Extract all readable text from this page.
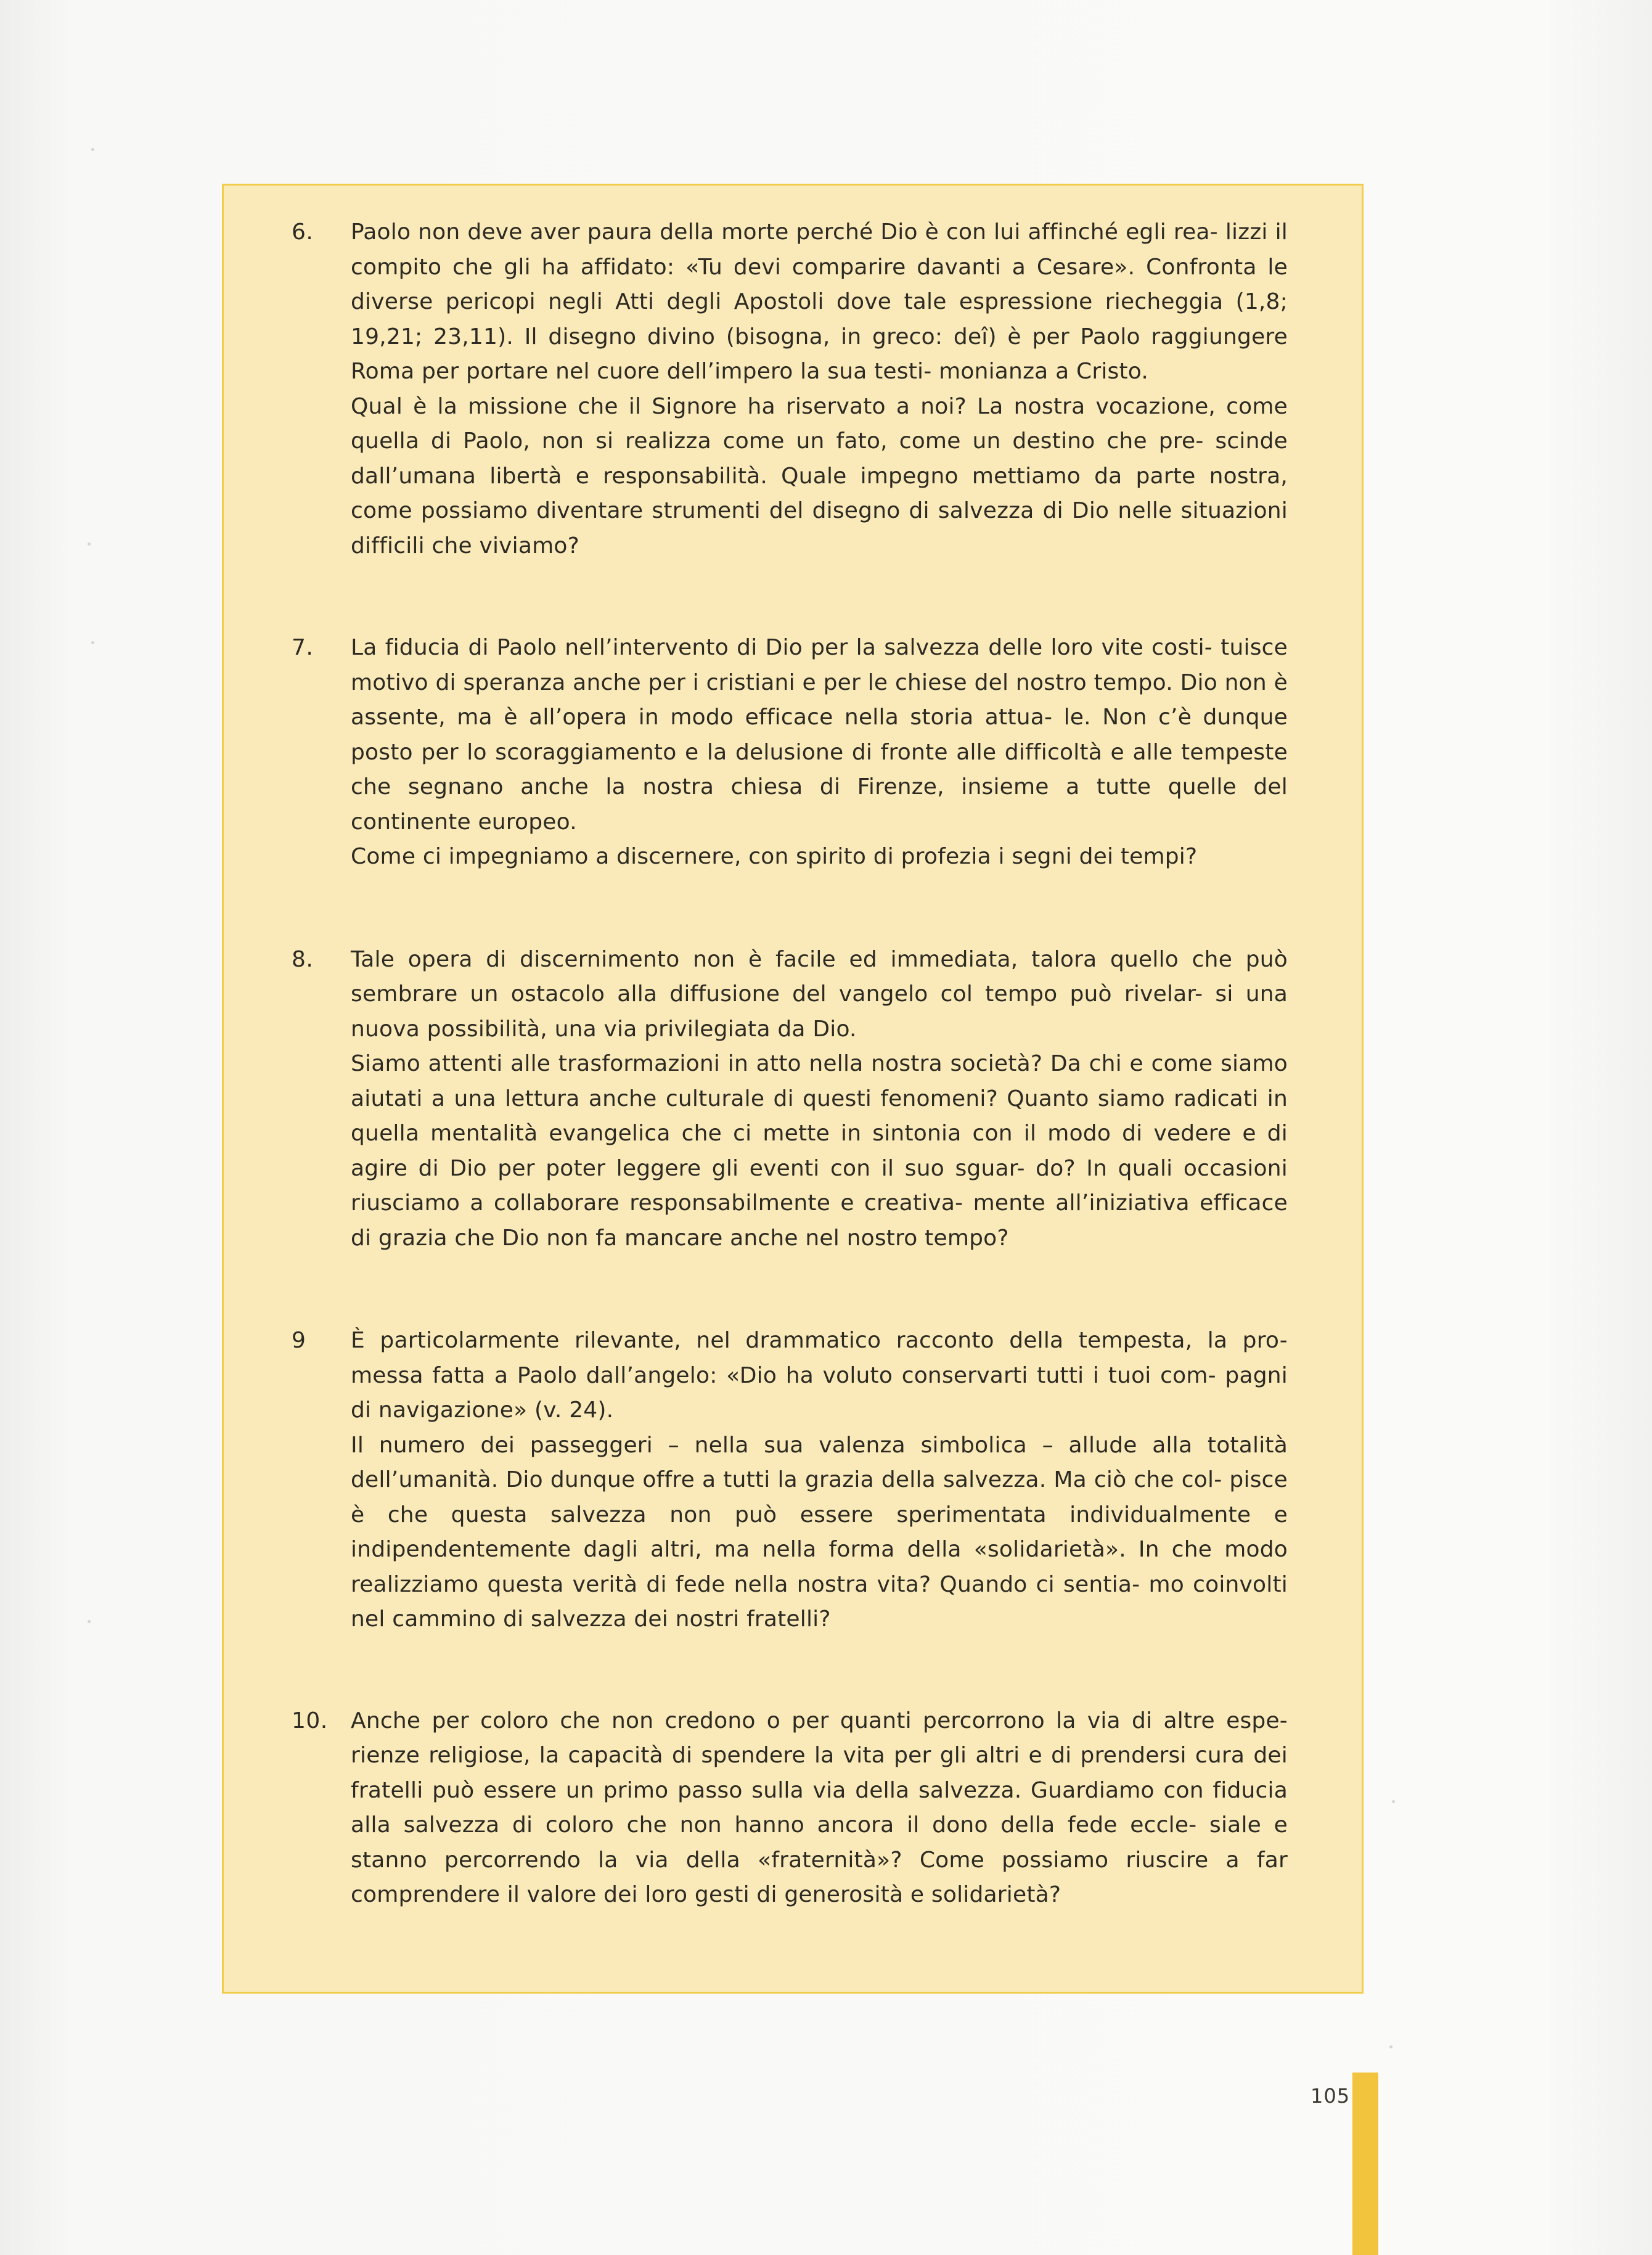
6.	Paolo non deve aver paura della morte perché Dio è con lui affinché egli rea- lizzi il compito che gli ha affidato: «Tu devi comparire davanti a Cesare». Confronta le diverse pericopi negli Atti degli Apostoli dove tale espressione riecheggia (1,8; 19,21; 23,11). Il disegno divino (bisogna, in greco: deî) è per Paolo raggiungere Roma per portare nel cuore dell’impero la sua testi- monianza a Cristo.

Qual è la missione che il Signore ha riservato a noi? La nostra vocazione, come quella di Paolo, non si realizza come un fato, come un destino che pre- scinde dall’umana libertà e responsabilità. Quale impegno mettiamo da parte nostra, come possiamo diventare strumenti del disegno di salvezza di Dio nelle situazioni difficili che viviamo?

7.	La fiducia di Paolo nell’intervento di Dio per la salvezza delle loro vite costi- tuisce motivo di speranza anche per i cristiani e per le chiese del nostro tempo. Dio non è assente, ma è all’opera in modo efficace nella storia attua- le. Non c’è dunque posto per lo scoraggiamento e la delusione di fronte alle difficoltà e alle tempeste che segnano anche la nostra chiesa di Firenze, insieme a tutte quelle del continente europeo.

Come ci impegniamo a discernere, con spirito di profezia i segni dei tempi?

8.	Tale opera di discernimento non è facile ed immediata, talora quello che può sembrare un ostacolo alla diffusione del vangelo col tempo può rivelar- si una nuova possibilità, una via privilegiata da Dio.

Siamo attenti alle trasformazioni in atto nella nostra società? Da chi e come siamo aiutati a una lettura anche culturale di questi fenomeni? Quanto siamo radicati in quella mentalità evangelica che ci mette in sintonia con il modo di vedere e di agire di Dio per poter leggere gli eventi con il suo sguar- do? In quali occasioni riusciamo a collaborare responsabilmente e creativa- mente all’iniziativa efficace di grazia che Dio non fa mancare anche nel nostro tempo?

9	È particolarmente rilevante, nel drammatico racconto della tempesta, la pro- messa fatta a Paolo dall’angelo: «Dio ha voluto conservarti tutti i tuoi com- pagni di navigazione» (v. 24).

Il numero dei passeggeri – nella sua valenza simbolica – allude alla totalità dell’umanità. Dio dunque offre a tutti la grazia della salvezza. Ma ciò che col- pisce è che questa salvezza non può essere sperimentata individualmente e indipendentemente dagli altri, ma nella forma della «solidarietà». In che modo realizziamo questa verità di fede nella nostra vita? Quando ci sentia- mo coinvolti nel cammino di salvezza dei nostri fratelli?

10.	Anche per coloro che non credono o per quanti percorrono la via di altre espe- rienze religiose, la capacità di spendere la vita per gli altri e di prendersi cura dei fratelli può essere un primo passo sulla via della salvezza. Guardiamo con fiducia alla salvezza di coloro che non hanno ancora il dono della fede eccle- siale e stanno percorrendo la via della «fraternità»? Come possiamo riuscire a far comprendere il valore dei loro gesti di generosità e solidarietà?

105
